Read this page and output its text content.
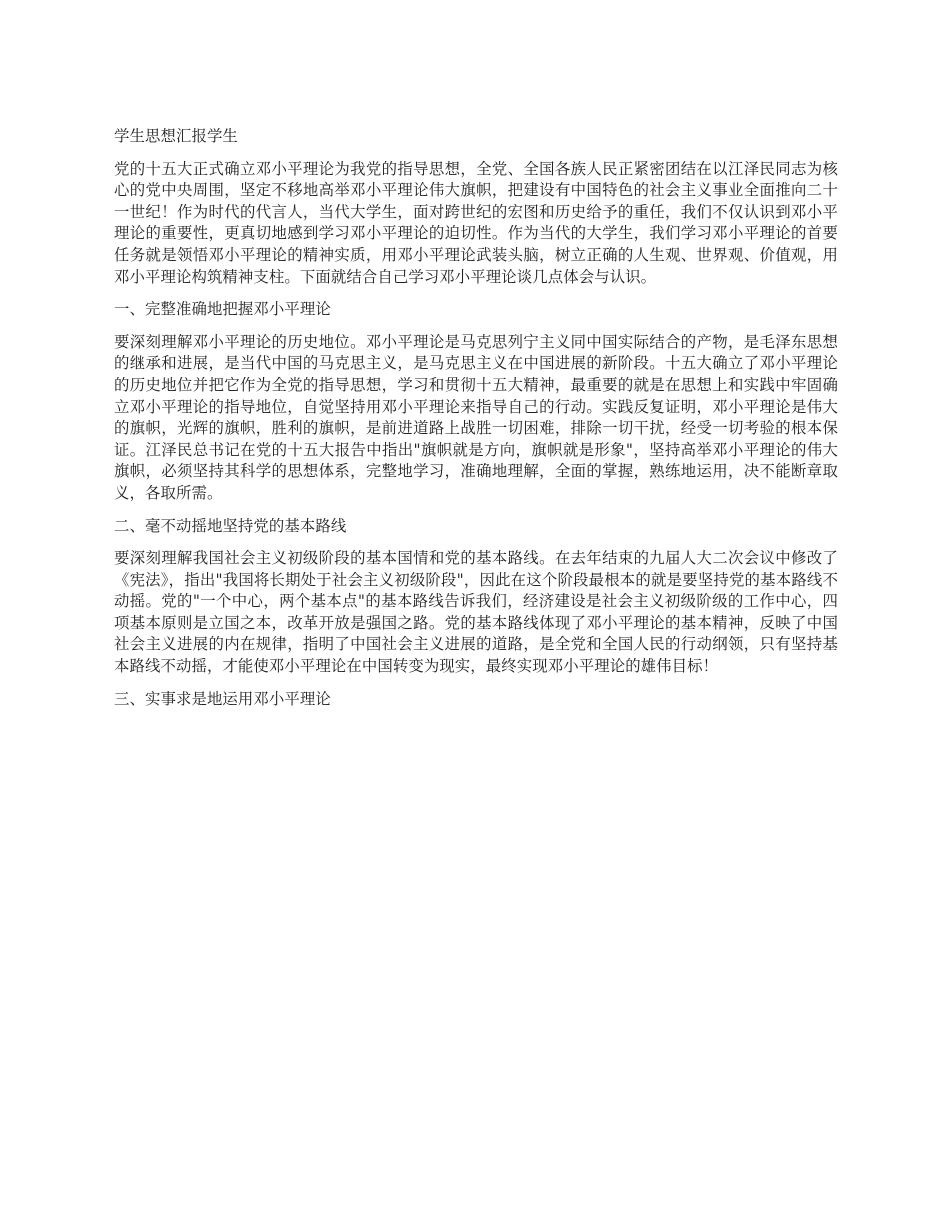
学生思想汇报学生

党的十五大正式确立邓小平理论为我党的指导思想，全党、全国各族人民正紧密团结在以江泽民同志为核心的党中央周围，坚定不移地高举邓小平理论伟大旗帜，把建设有中国特色的社会主义事业全面推向二十一世纪！作为时代的代言人，当代大学生，面对跨世纪的宏图和历史给予的重任，我们不仅认识到邓小平理论的重要性，更真切地感到学习邓小平理论的迫切性。作为当代的大学生，我们学习邓小平理论的首要任务就是领悟邓小平理论的精神实质，用邓小平理论武装头脑，树立正确的人生观、世界观、价值观，用邓小平理论构筑精神支柱。下面就结合自己学习邓小平理论谈几点体会与认识。

一、完整准确地把握邓小平理论

要深刻理解邓小平理论的历史地位。邓小平理论是马克思列宁主义同中国实际结合的产物，是毛泽东思想的继承和进展，是当代中国的马克思主义，是马克思主义在中国进展的新阶段。十五大确立了邓小平理论的历史地位并把它作为全党的指导思想，学习和贯彻十五大精神，最重要的就是在思想上和实践中牢固确立邓小平理论的指导地位，自觉坚持用邓小平理论来指导自己的行动。实践反复证明，邓小平理论是伟大的旗帜，光辉的旗帜，胜利的旗帜，是前进道路上战胜一切困难，排除一切干扰，经受一切考验的根本保证。江泽民总书记在党的十五大报告中指出"旗帜就是方向，旗帜就是形象"，坚持高举邓小平理论的伟大旗帜，必须坚持其科学的思想体系，完整地学习，准确地理解，全面的掌握，熟练地运用，决不能断章取义，各取所需。

二、毫不动摇地坚持党的基本路线

要深刻理解我国社会主义初级阶段的基本国情和党的基本路线。在去年结束的九届人大二次会议中修改了《宪法》，指出"我国将长期处于社会主义初级阶段"，因此在这个阶段最根本的就是要坚持党的基本路线不动摇。党的"一个中心，两个基本点"的基本路线告诉我们，经济建设是社会主义初级阶级的工作中心，四项基本原则是立国之本，改革开放是强国之路。党的基本路线体现了邓小平理论的基本精神，反映了中国社会主义进展的内在规律，指明了中国社会主义进展的道路，是全党和全国人民的行动纲领，只有坚持基本路线不动摇，才能使邓小平理论在中国转变为现实，最终实现邓小平理论的雄伟目标！

三、实事求是地运用邓小平理论
